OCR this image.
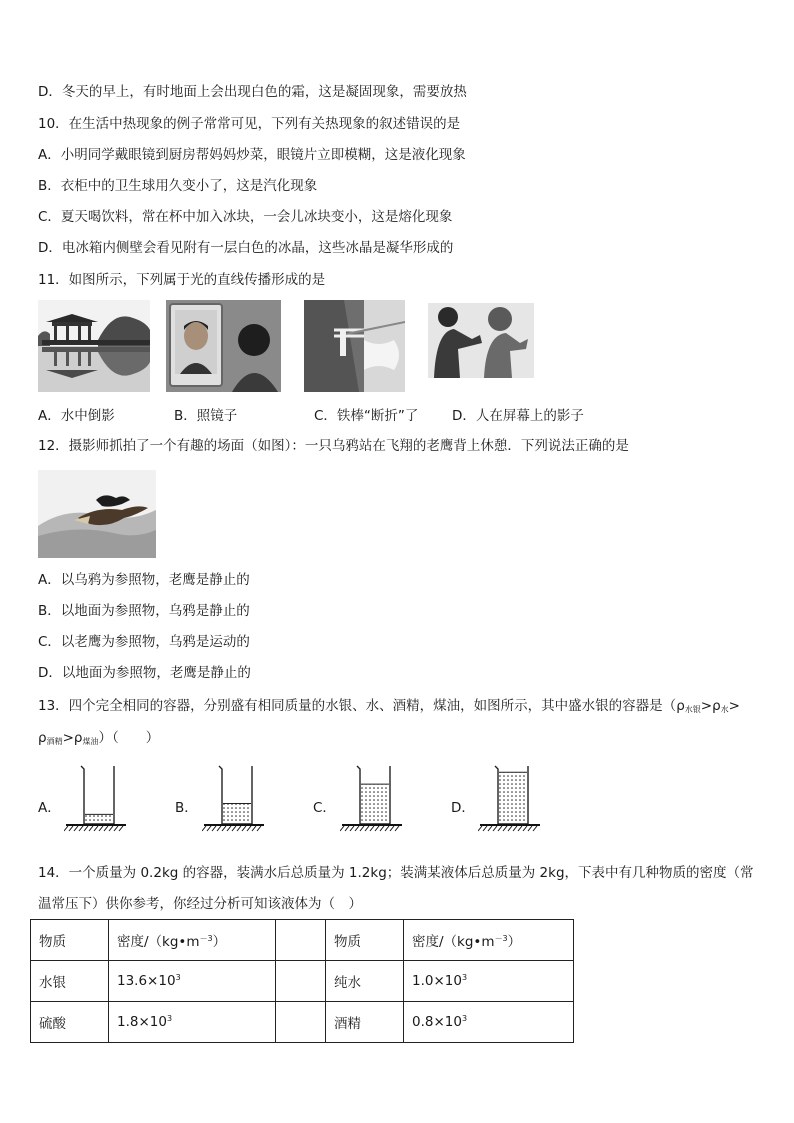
D．冬天的早上，有时地面上会出现白色的霜，这是凝固现象，需要放热
10．在生活中热现象的例子常常可见，下列有关热现象的叙述错误的是
A．小明同学戴眼镜到厨房帮妈妈炒菜，眼镜片立即模糊，这是液化现象
B．衣柜中的卫生球用久变小了，这是汽化现象
C．夏天喝饮料，常在杯中加入冰块，一会儿冰块变小，这是熔化现象
D．电冰箱内侧壁会看见附有一层白色的冰晶，这些冰晶是凝华形成的
11．如图所示，下列属于光的直线传播形成的是
A．水中倒影	B．照镜子	C．铁棒“断折”了 D．人在屏幕上的影子
12．摄影师抓拍了一个有趣的场面（如图）：一只乌鸦站在飞翔的老鹰背上休憩．下列说法正确的是
A．以乌鸦为参照物，老鹰是静止的
B．以地面为参照物，乌鸦是静止的
C．以老鹰为参照物，乌鸦是运动的
D．以地面为参照物，老鹰是静止的
13．四个完全相同的容器，分别盛有相同质量的水银、水、酒精，煤油，如图所示，其中盛水银的容器是（$\rho_{水银}>\rho_水>$
$\rho_{酒精}>\rho_{煤油}$）（　　）
A．	B．	C．	D．
14．一个质量为 0.2kg 的容器，装满水后总质量为 1.2kg；装满某液体后总质量为 2kg，下表中有几种物质的密度（常
温常压下）供你参考，你经过分析可知该液体为（　）
物质	密度$/(kg•m^{-3})$		物质	密度$/(kg•m^{-3})$
水银	$13.6\times 10^3$		纯水	$1.0\times 10^3$
硫酸	$1.8\times 10^3$		酒精	$0.8\times 10^3$
